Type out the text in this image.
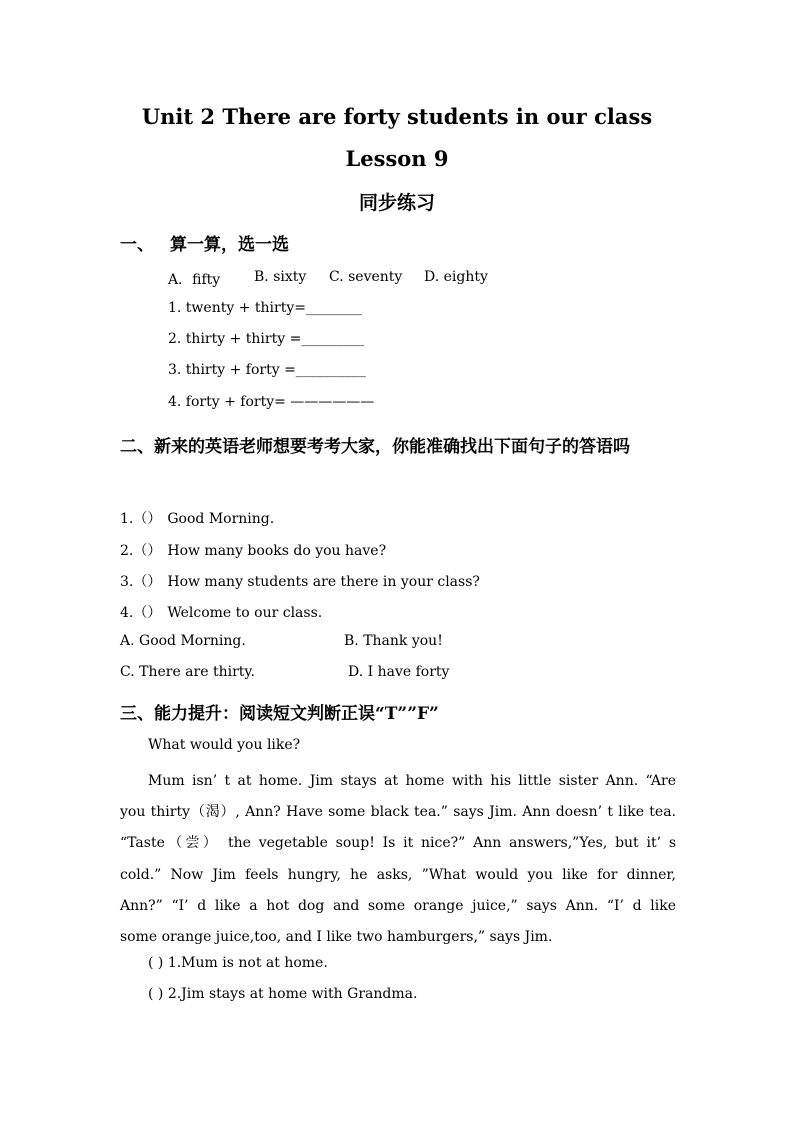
Unit 2 There are forty students in our class
Lesson 9
同步练习
一、 算一算，选一选
A．fifty B. sixty C. seventy D. eighty
1. twenty + thirty=________
2. thirty + thirty =_________
3. thirty + forty =__________
4. forty + forty= ——————
二、新来的英语老师想要考考大家，你能准确找出下面句子的答语吗
1.（） Good Morning.
2.（） How many books do you have?
3.（） How many students are there in your class?
4.（） Welcome to our class.
A. Good Morning.	B. Thank you!
C. There are thirty.	D. I have forty
三、能力提升：阅读短文判断正误“T””F”
What would you like?
Mum isn’ t at home. Jim stays at home with his little sister Ann. “Are
you thirty（渴）, Ann? Have some black tea.” says Jim. Ann doesn’ t like tea.
“Taste（尝） the vegetable soup! Is it nice?” Ann answers,”Yes, but it’ s
cold.” Now Jim feels hungry, he asks, ”What would you like for dinner,
Ann?” “I’ d like a hot dog and some orange juice,” says Ann. “I’ d like
some orange juice,too, and I like two hamburgers,” says Jim.
( ) 1.Mum is not at home.
( ) 2.Jim stays at home with Grandma.
